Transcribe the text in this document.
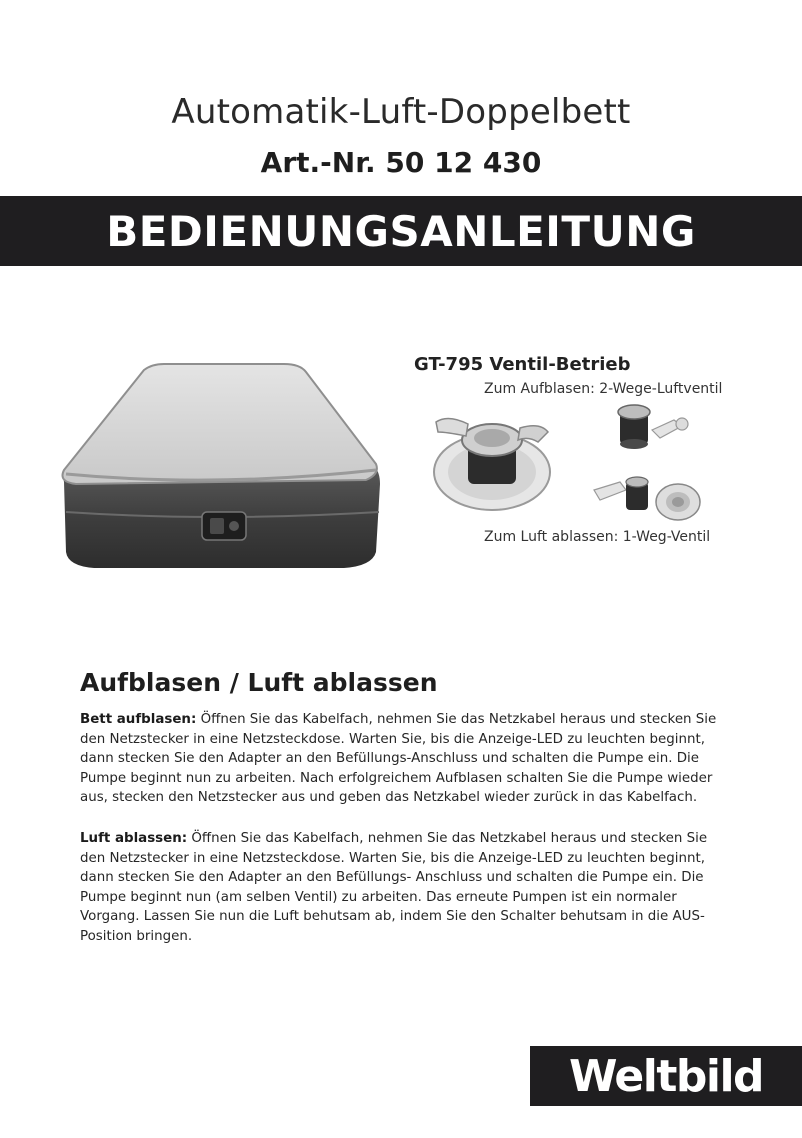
Automatik-Luft-Doppelbett
Art.-Nr. 50 12 430
BEDIENUNGSANLEITUNG
GT-795 Ventil-Betrieb
Zum Aufblasen: 2-Wege-Luftventil
Zum Luft ablassen: 1-Weg-Ventil
Aufblasen / Luft ablassen
Bett aufblasen: Öffnen Sie das Kabelfach, nehmen Sie das Netzkabel heraus und stecken Sie den Netzstecker in eine Netzsteckdose. Warten Sie, bis die Anzeige-LED zu leuchten beginnt, dann stecken Sie den Adapter an den Befüllungs-Anschluss und schalten die Pumpe ein. Die Pumpe beginnt nun zu arbeiten. Nach erfolgreichem Aufblasen schalten Sie die Pumpe wieder aus, stecken den Netzstecker aus und geben das Netzkabel wieder zurück in das Kabelfach.
Luft ablassen: Öffnen Sie das Kabelfach, nehmen Sie das Netzkabel heraus und stecken Sie den Netzstecker in eine Netzsteckdose. Warten Sie, bis die Anzeige-LED zu leuchten beginnt, dann stecken Sie den Adapter an den Befüllungs- Anschluss und schalten die Pumpe ein. Die Pumpe beginnt nun (am selben Ventil) zu arbeiten. Das erneute Pumpen ist ein normaler Vorgang. Lassen Sie nun die Luft behutsam ab, indem Sie den Schalter behutsam in die AUS-Position bringen.
Weltbild
